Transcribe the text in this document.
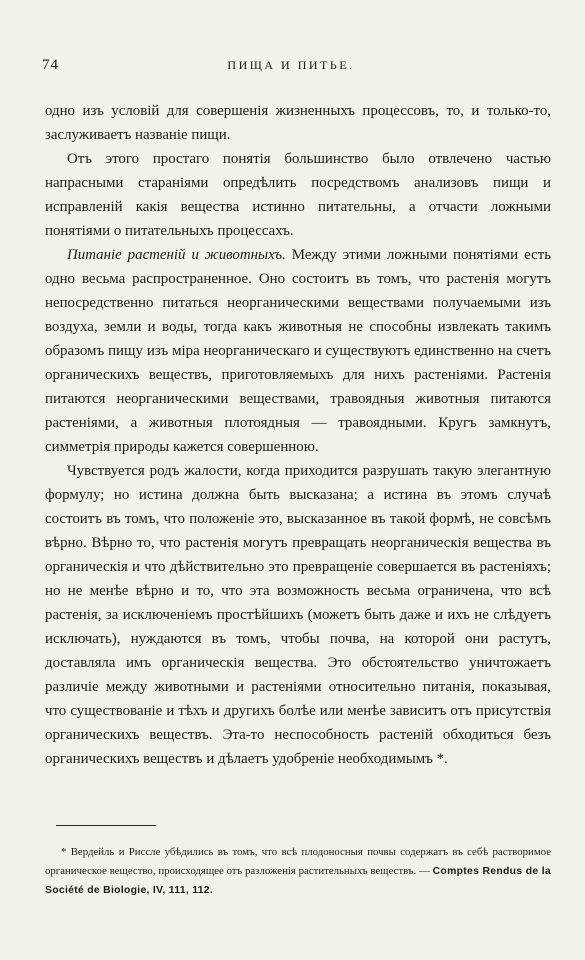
74	ПИЩА И ПИТЬЕ.

одно изъ условій для совершенія жизненныхъ процессовъ, то, и только-то, заслуживаетъ названіе пищи.

Отъ этого простаго понятія большинство было отвлечено частью напрасными стараніями опредѣлить посредствомъ анализовъ пищи и исправленій какія вещества истинно питательны, а отчасти ложными понятіями о питательныхъ процессахъ.

Питаніе растеній и животныхъ. Между этими ложными понятіями есть одно весьма распространенное. Оно состоитъ въ томъ, что растенія могутъ непосредственно питаться неорганическими веществами получаемыми изъ воздуха, земли и воды, тогда какъ животныя не способны извлекать такимъ образомъ пищу изъ міра неорганическаго и существуютъ единственно на счетъ органическихъ веществъ, приготовляемыхъ для нихъ растеніями. Растенія питаются неорганическими веществами, травоядныя животныя питаются растеніями, а животныя плотоядныя — травоядными. Кругъ замкнутъ, симметрія природы кажется совершенною.

Чувствуется родъ жалости, когда приходится разрушать такую элегантную формулу; но истина должна быть высказана; а истина въ этомъ случаѣ состоитъ въ томъ, что положеніе это, высказанное въ такой формѣ, не совсѣмъ вѣрно. Вѣрно то, что растенія могутъ превращать неорганическія вещества въ органическія и что дѣйствительно это превращеніе совершается въ растеніяхъ; но не менѣе вѣрно и то, что эта возможность весьма ограничена, что всѣ растенія, за исключеніемъ простѣйшихъ (можетъ быть даже и ихъ не слѣдуетъ исключать), нуждаются въ томъ, чтобы почва, на которой они растутъ, доставляла имъ органическія вещества. Это обстоятельство уничтожаетъ различіе между животными и растеніями относительно питанія, показывая, что существованіе и тѣхъ и другихъ болѣе или менѣе зависитъ отъ присутствія органическихъ веществъ. Эта-то неспособность растеній обходиться безъ органическихъ веществъ и дѣлаетъ удобреніе необходимымъ *.

* Вердейль и Риссле убѣдились въ томъ, что всѣ плодоносныя почвы содержатъ въ себѣ растворимое органическое вещество, происходящее отъ разложенія растительныхъ веществъ. — Comptes Rendus de la Société de Biologie, IV, 111, 112.
